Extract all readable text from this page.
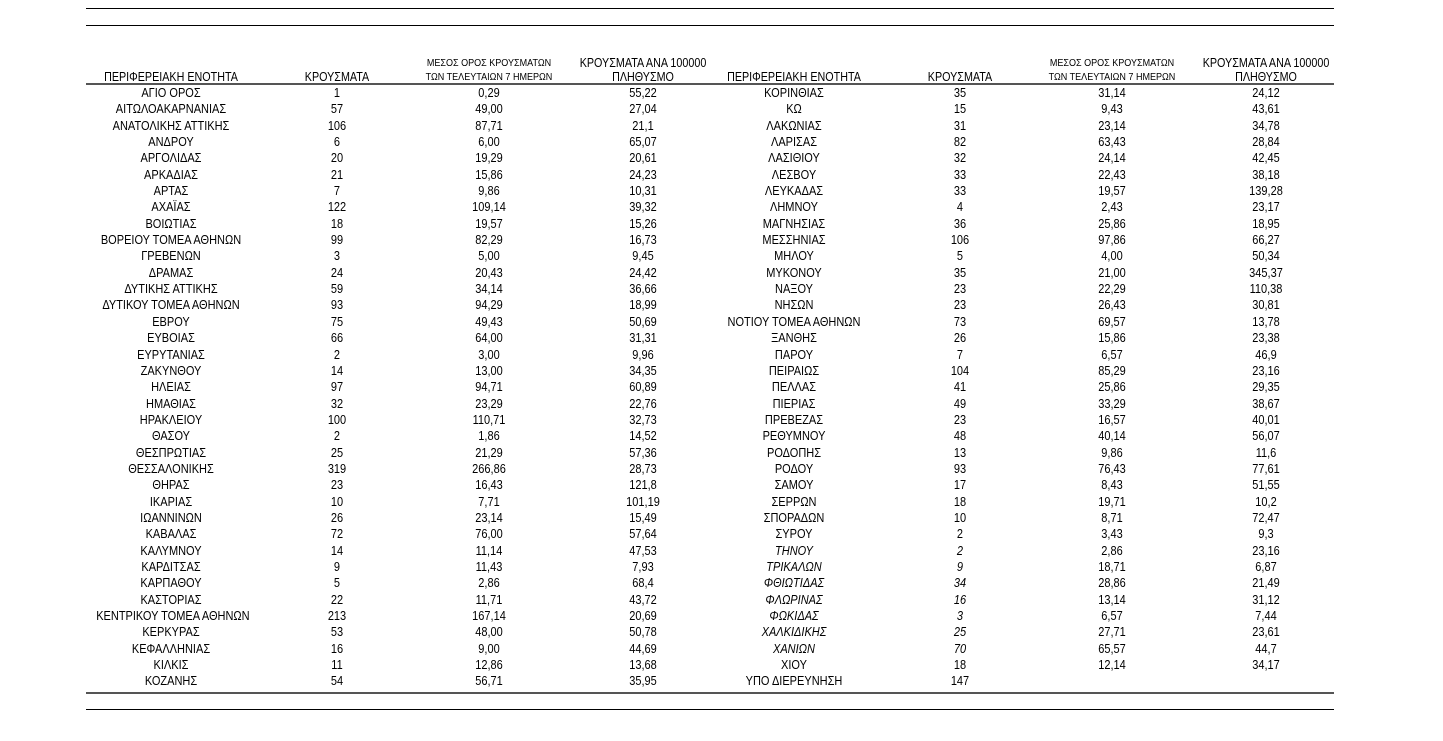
ΠΕΡΙΦΕΡΕΙΑΚΗ ΕΝΟΤΗΤΑ	ΚΡΟΥΣΜΑΤΑ
ΜΕΣΟΣ ΟΡΟΣ ΚΡΟΥΣΜΑΤΩΝ
ΤΩΝ ΤΕΛΕΥΤΑΙΩΝ 7 ΗΜΕΡΩΝ
ΚΡΟΥΣΜΑΤΑ ΑΝΑ 100000
ΠΛΗΘΥΣΜΟ	ΠΕΡΙΦΕΡΕΙΑΚΗ ΕΝΟΤΗΤΑ	ΚΡΟΥΣΜΑΤΑ
ΜΕΣΟΣ ΟΡΟΣ ΚΡΟΥΣΜΑΤΩΝ
ΤΩΝ ΤΕΛΕΥΤΑΙΩΝ 7 ΗΜΕΡΩΝ
ΚΡΟΥΣΜΑΤΑ ΑΝΑ 100000
ΠΛΗΘΥΣΜΟ
ΑΓΙΟ ΟΡΟΣ	1	0,29	55,22
ΑΙΤΩΛΟΑΚΑΡΝΑΝΙΑΣ	57	49,00	27,04
ΑΝΑΤΟΛΙΚΗΣ ΑΤΤΙΚΗΣ	106	87,71	21,1
ΑΝΔΡΟΥ	6	6,00	65,07
ΑΡΓΟΛΙΔΑΣ	20	19,29	20,61
ΑΡΚΑΔΙΑΣ	21	15,86	24,23
ΑΡΤΑΣ	7	9,86	10,31
ΑΧΑΪΑΣ	122	109,14	39,32
ΒΟΙΩΤΙΑΣ	18	19,57	15,26
ΒΟΡΕΙΟΥ ΤΟΜΕΑ ΑΘΗΝΩΝ	99	82,29	16,73
ΓΡΕΒΕΝΩΝ	3	5,00	9,45
ΔΡΑΜΑΣ	24	20,43	24,42
ΔΥΤΙΚΗΣ ΑΤΤΙΚΗΣ	59	34,14	36,66
ΔΥΤΙΚΟΥ ΤΟΜΕΑ ΑΘΗΝΩΝ	93	94,29	18,99
ΕΒΡΟΥ	75	49,43	50,69
ΕΥΒΟΙΑΣ	66	64,00	31,31
ΕΥΡΥΤΑΝΙΑΣ	2	3,00	9,96
ΖΑΚΥΝΘΟΥ	14	13,00	34,35
ΗΛΕΙΑΣ	97	94,71	60,89
ΗΜΑΘΙΑΣ	32	23,29	22,76
ΗΡΑΚΛΕΙΟΥ	100	110,71	32,73
ΘΑΣΟΥ	2	1,86	14,52
ΘΕΣΠΡΩΤΙΑΣ	25	21,29	57,36
ΘΕΣΣΑΛΟΝΙΚΗΣ	319	266,86	28,73
ΘΗΡΑΣ	23	16,43	121,8
ΙΚΑΡΙΑΣ	10	7,71	101,19
ΙΩΑΝΝΙΝΩΝ	26	23,14	15,49
ΚΑΒΑΛΑΣ	72	76,00	57,64
ΚΑΛΥΜΝΟΥ	14	11,14	47,53
ΚΑΡΔΙΤΣΑΣ	9	11,43	7,93
ΚΑΡΠΑΘΟΥ	5	2,86	68,4
ΚΑΣΤΟΡΙΑΣ	22	11,71	43,72
ΚΕΝΤΡΙΚΟΥ ΤΟΜΕΑ ΑΘΗΝΩΝ	213	167,14	20,69
ΚΕΡΚΥΡΑΣ	53	48,00	50,78
ΚΕΦΑΛΛΗΝΙΑΣ	16	9,00	44,69
ΚΙΛΚΙΣ	11	12,86	13,68
ΚΟΖΑΝΗΣ	54	56,71	35,95
ΚΟΡΙΝΘΙΑΣ	35	31,14	24,12
ΚΩ	15	9,43	43,61
ΛΑΚΩΝΙΑΣ	31	23,14	34,78
ΛΑΡΙΣΑΣ	82	63,43	28,84
ΛΑΣΙΘΙΟΥ	32	24,14	42,45
ΛΕΣΒΟΥ	33	22,43	38,18
ΛΕΥΚΑΔΑΣ	33	19,57	139,28
ΛΗΜΝΟΥ	4	2,43	23,17
ΜΑΓΝΗΣΙΑΣ	36	25,86	18,95
ΜΕΣΣΗΝΙΑΣ	106	97,86	66,27
ΜΗΛΟΥ	5	4,00	50,34
ΜΥΚΟΝΟΥ	35	21,00	345,37
ΝΑΞΟΥ	23	22,29	110,38
ΝΗΣΩΝ	23	26,43	30,81
ΝΟΤΙΟΥ ΤΟΜΕΑ ΑΘΗΝΩΝ	73	69,57	13,78
ΞΑΝΘΗΣ	26	15,86	23,38
ΠΑΡΟΥ	7	6,57	46,9
ΠΕΙΡΑΙΩΣ	104	85,29	23,16
ΠΕΛΛΑΣ	41	25,86	29,35
ΠΙΕΡΙΑΣ	49	33,29	38,67
ΠΡΕΒΕΖΑΣ	23	16,57	40,01
ΡΕΘΥΜΝΟΥ	48	40,14	56,07
ΡΟΔΟΠΗΣ	13	9,86	11,6
ΡΟΔΟΥ	93	76,43	77,61
ΣΑΜΟΥ	17	8,43	51,55
ΣΕΡΡΩΝ	18	19,71	10,2
ΣΠΟΡΑΔΩΝ	10	8,71	72,47
ΣΥΡΟΥ	2	3,43	9,3
ΤΗΝΟΥ	2	2,86	23,16
ΤΡΙΚΑΛΩΝ	9	18,71	6,87
ΦΘΙΩΤΙΔΑΣ	34	28,86	21,49
ΦΛΩΡΙΝΑΣ	16	13,14	31,12
ΦΩΚΙΔΑΣ	3	6,57	7,44
ΧΑΛΚΙΔΙΚΗΣ	25	27,71	23,61
ΧΑΝΙΩΝ	70	65,57	44,7
ΧΙΟΥ	18	12,14	34,17
ΥΠΟ ΔΙΕΡΕΥΝΗΣΗ	147
